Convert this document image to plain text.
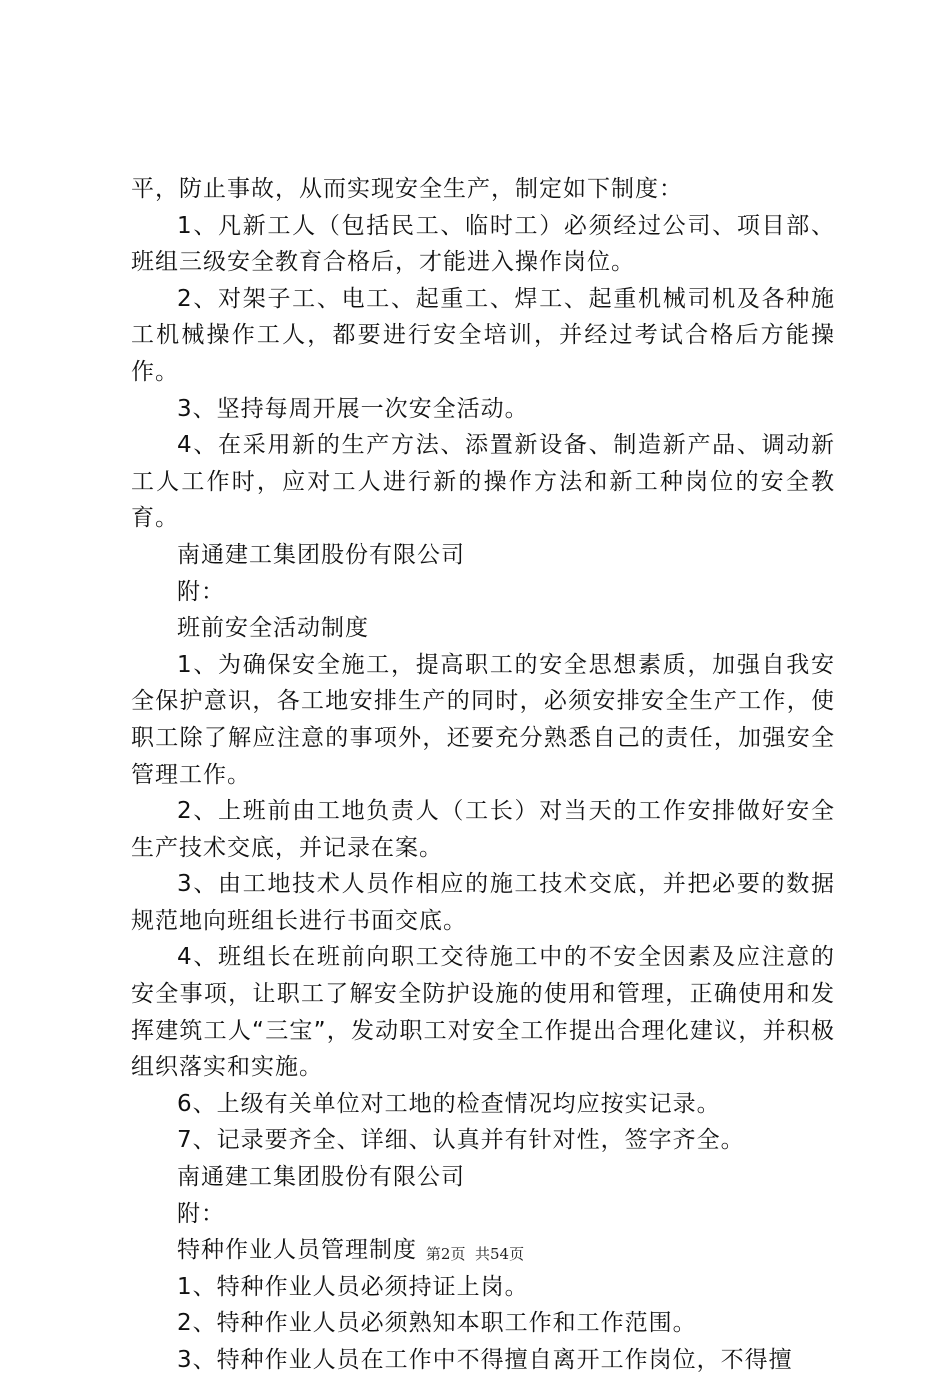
平，防止事故，从而实现安全生产，制定如下制度：

1、凡新工人（包括民工、临时工）必须经过公司、项目部、班组三级安全教育合格后，才能进入操作岗位。

2、对架子工、电工、起重工、焊工、起重机械司机及各种施工机械操作工人，都要进行安全培训，并经过考试合格后方能操作。

3、坚持每周开展一次安全活动。

4、在采用新的生产方法、添置新设备、制造新产品、调动新工人工作时，应对工人进行新的操作方法和新工种岗位的安全教育。

南通建工集团股份有限公司

附：

班前安全活动制度

1、为确保安全施工，提高职工的安全思想素质，加强自我安全保护意识，各工地安排生产的同时，必须安排安全生产工作，使职工除了解应注意的事项外，还要充分熟悉自己的责任，加强安全管理工作。

2、上班前由工地负责人（工长）对当天的工作安排做好安全生产技术交底，并记录在案。

3、由工地技术人员作相应的施工技术交底，并把必要的数据规范地向班组长进行书面交底。

4、班组长在班前向职工交待施工中的不安全因素及应注意的安全事项，让职工了解安全防护设施的使用和管理，正确使用和发挥建筑工人“三宝”，发动职工对安全工作提出合理化建议，并积极组织落实和实施。

6、上级有关单位对工地的检查情况均应按实记录。

7、记录要齐全、详细、认真并有针对性，签字齐全。

南通建工集团股份有限公司

附：

特种作业人员管理制度

1、特种作业人员必须持证上岗。

2、特种作业人员必须熟知本职工作和工作范围。

3、特种作业人员在工作中不得擅自离开工作岗位，不得擅

第2页  共54页
